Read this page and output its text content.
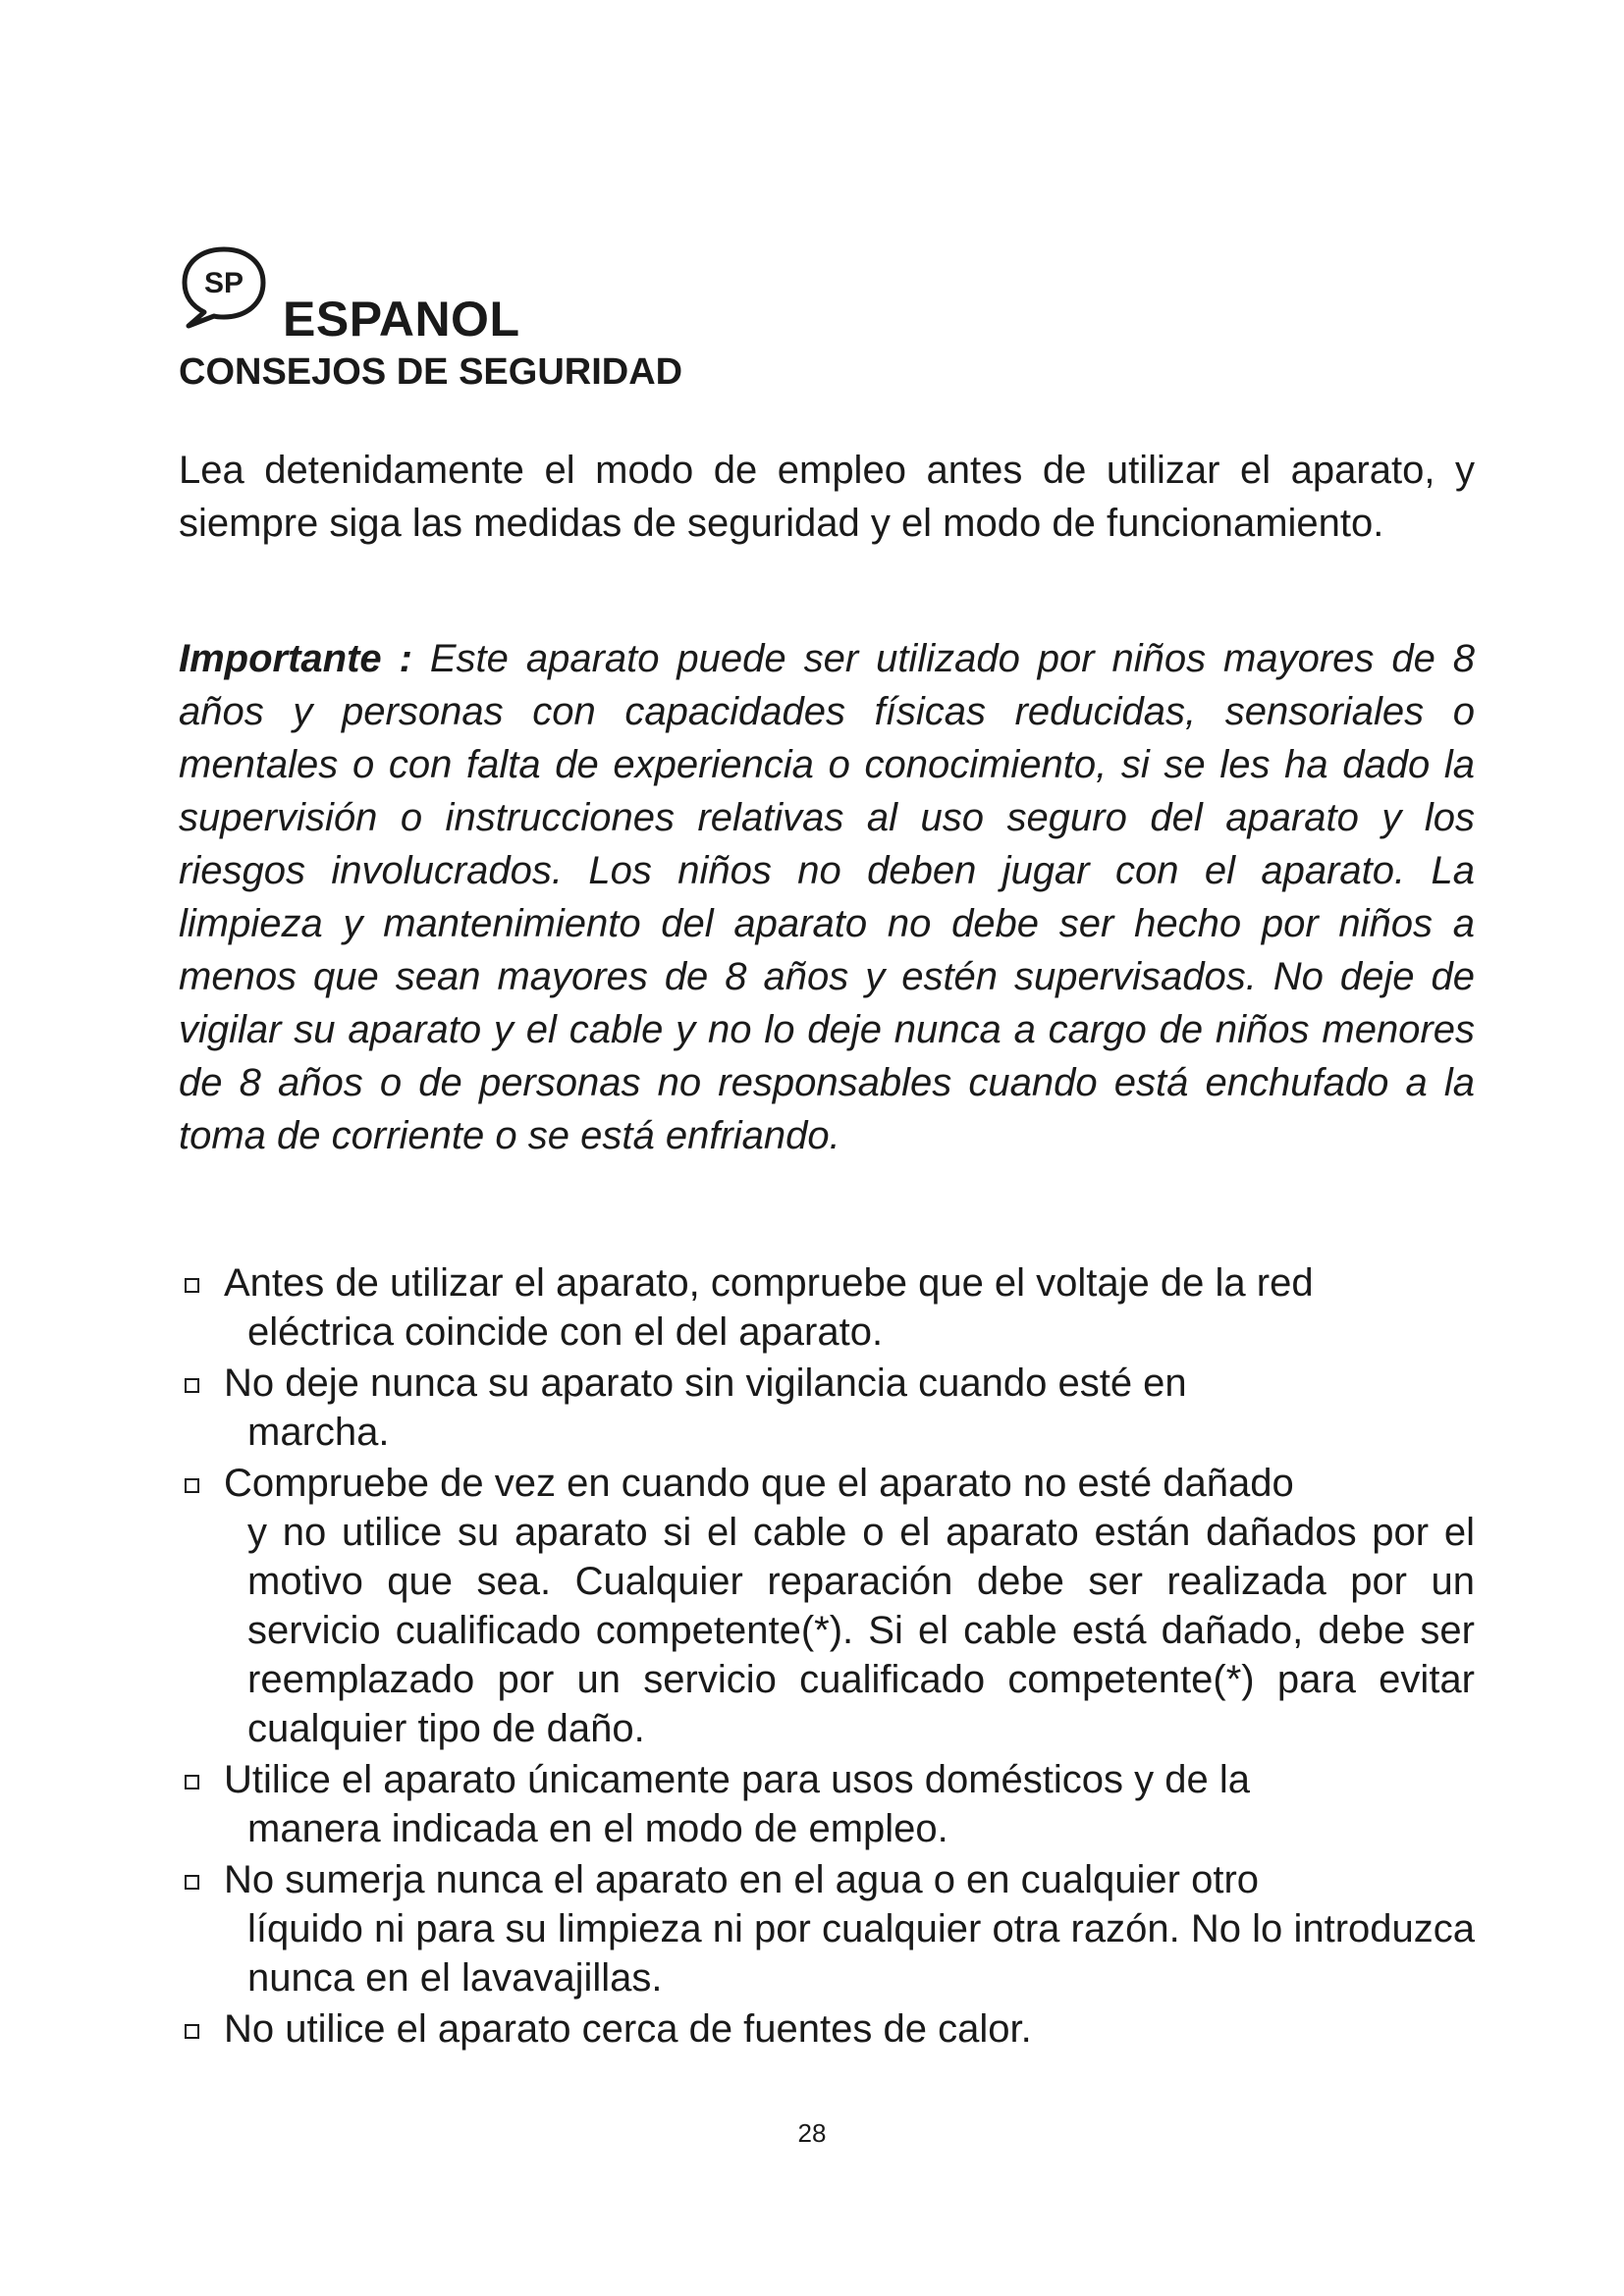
SP
ESPANOL
CONSEJOS DE SEGURIDAD

Lea detenidamente el modo de empleo antes de utilizar el aparato, y siempre siga las medidas de seguridad y el modo de funcionamiento.

Importante : Este aparato puede ser utilizado por niños mayores de 8 años y personas con capacidades físicas reducidas, sensoriales o mentales o con falta de experiencia o conocimiento, si se les ha dado la supervisión o instrucciones relativas al uso seguro del aparato y los riesgos involucrados. Los niños no deben jugar con el aparato. La limpieza y mantenimiento del aparato no debe ser hecho por niños a menos que sean mayores de 8 años y estén supervisados. No deje de vigilar su aparato y el cable y no lo deje nunca a cargo de niños menores de 8 años o de personas no responsables cuando está enchufado a la toma de corriente o se está enfriando.

Antes de utilizar el aparato, compruebe que el voltaje de la red
eléctrica coincide con el del aparato.
No deje nunca su aparato sin vigilancia cuando esté en
marcha.
Compruebe de vez en cuando que el aparato no esté dañado
y no utilice su aparato si el cable o el aparato están dañados por el motivo que sea. Cualquier reparación debe ser realizada por un servicio cualificado competente(*). Si el cable está dañado, debe ser reemplazado por un servicio cualificado competente(*) para evitar cualquier tipo de daño.
Utilice el aparato únicamente para usos domésticos y de la
manera indicada en el modo de empleo.
No sumerja nunca el aparato en el agua o en cualquier otro
líquido ni para su limpieza ni por cualquier otra razón. No lo introduzca nunca en el lavavajillas.
No utilice el aparato cerca de fuentes de calor.
28
